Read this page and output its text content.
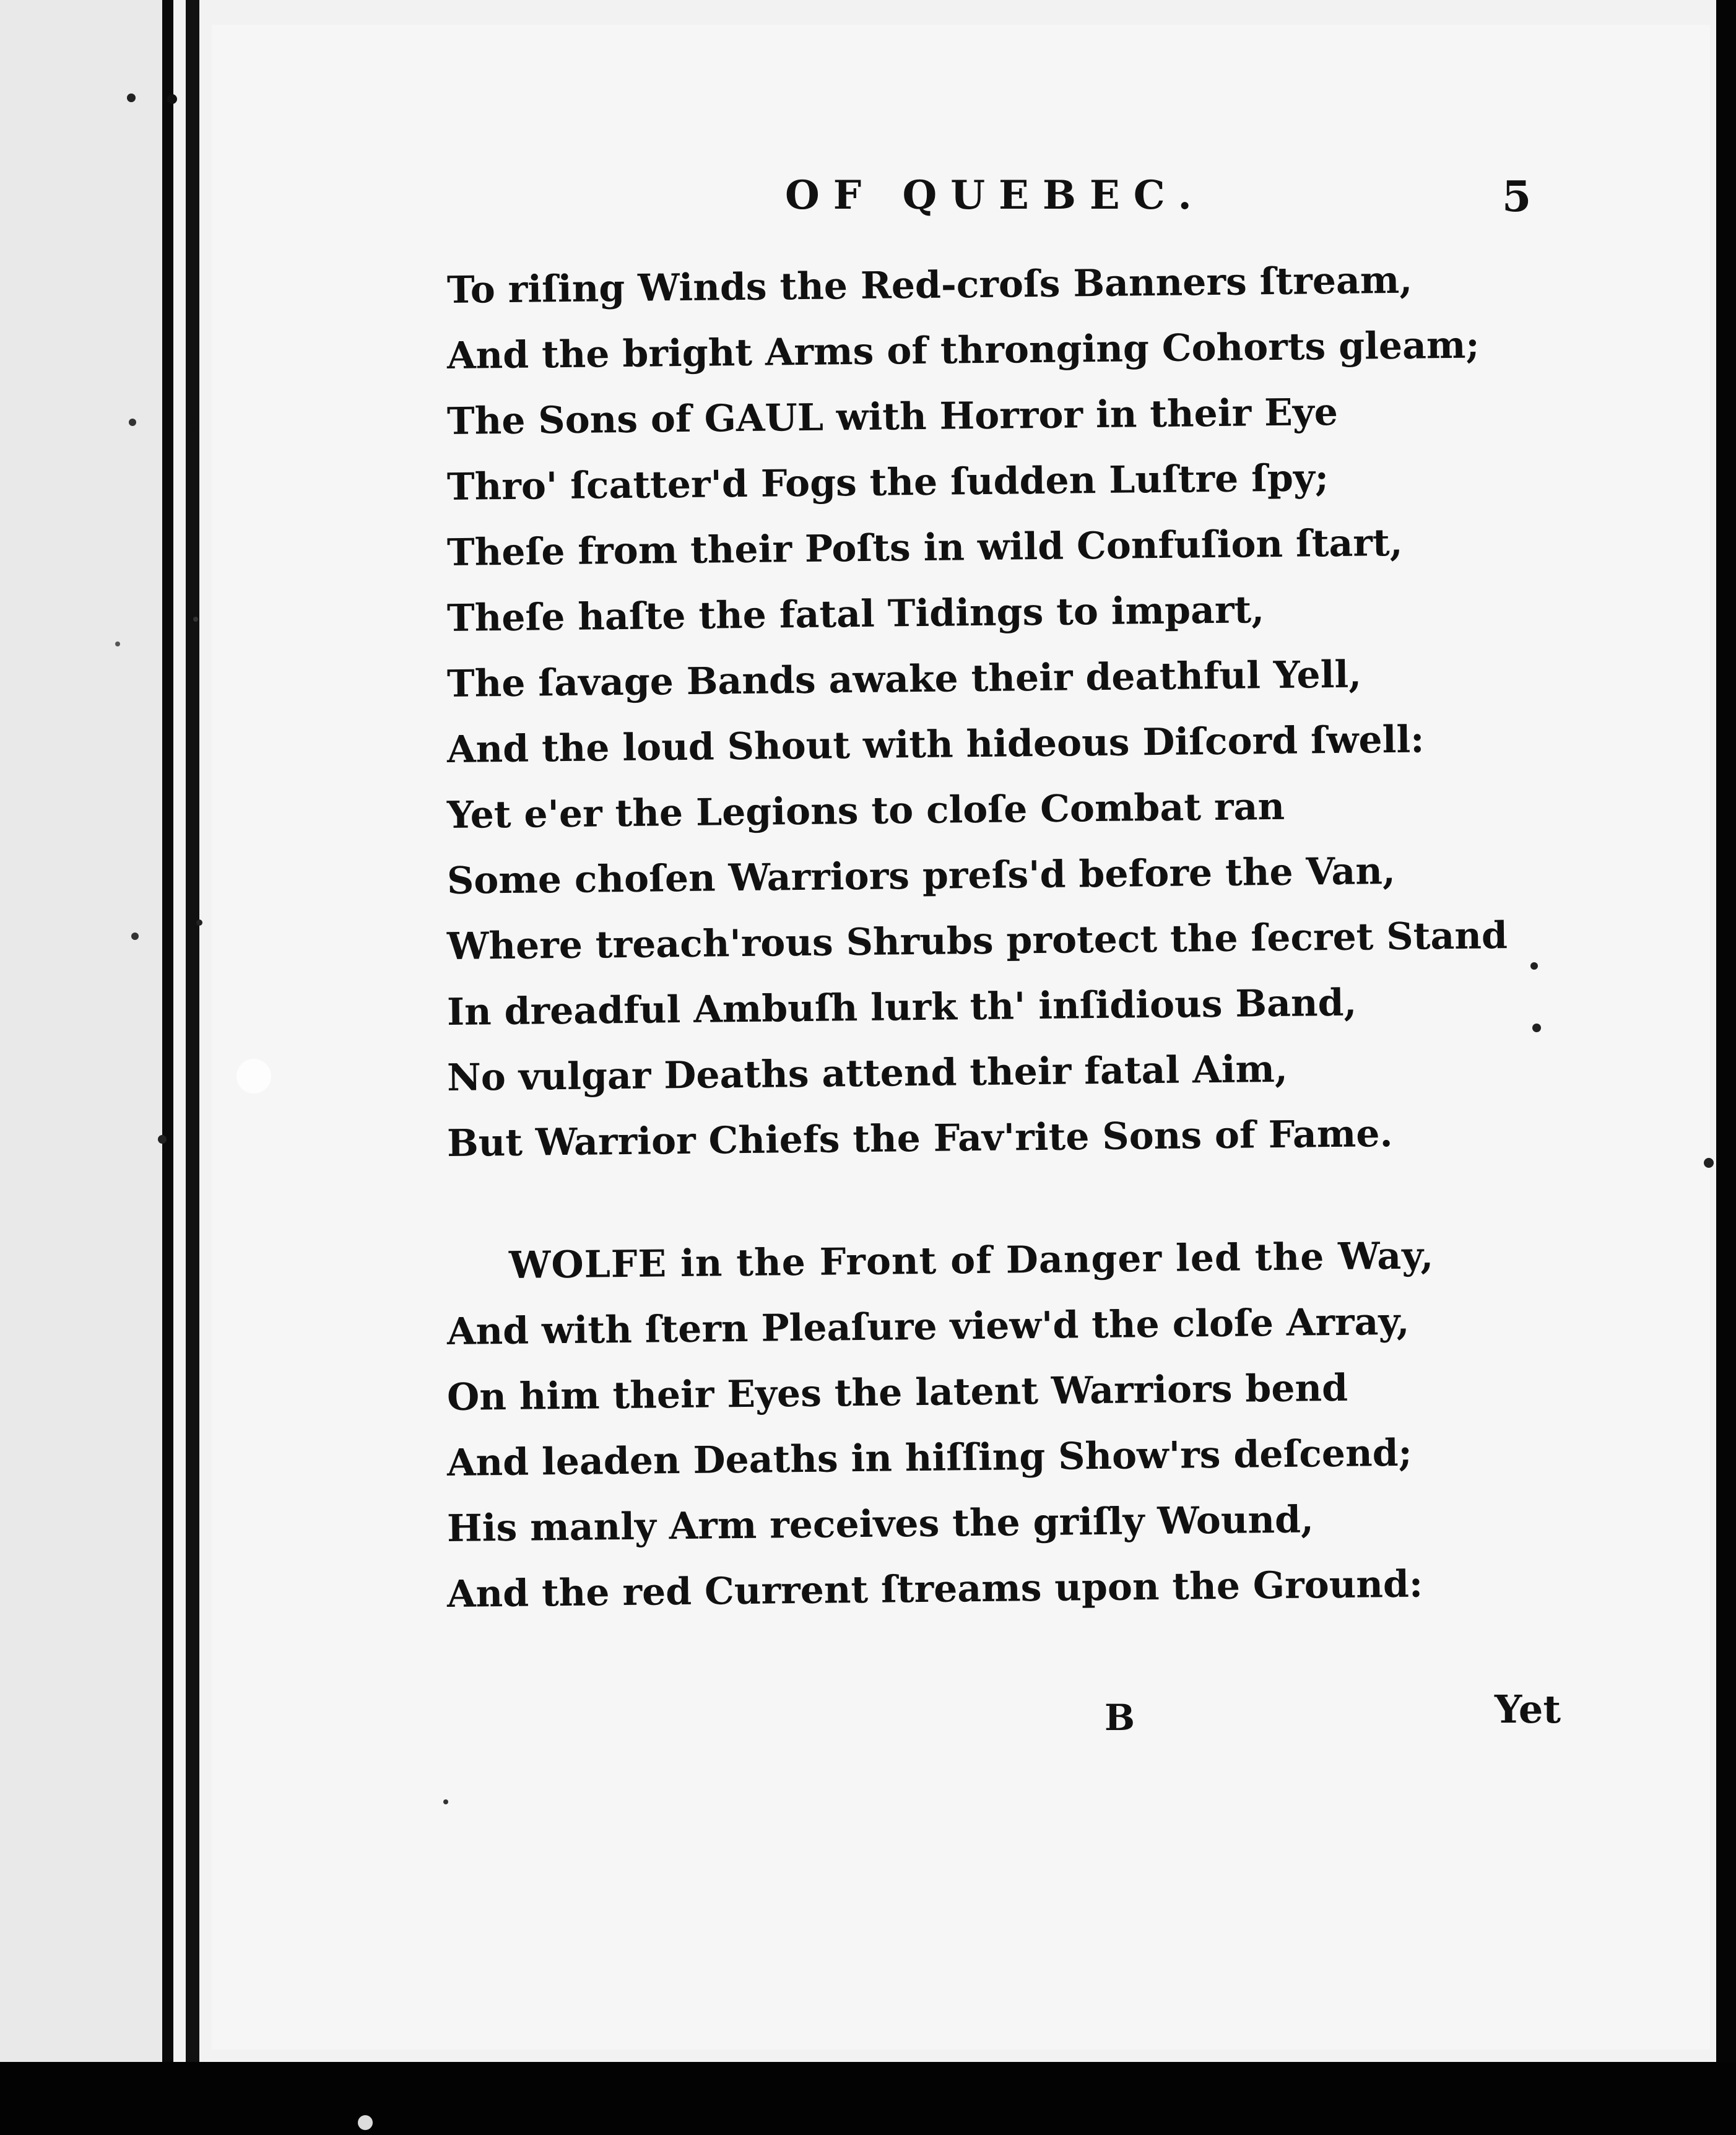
OF QUEBEC.	5
To riſing Winds the Red-croſs Banners ſtream,
And the bright Arms of thronging Cohorts gleam;
The Sons of GAUL with Horror in their Eye
Thro' ſcatter'd Fogs the ſudden Luſtre ſpy;
Theſe from their Poſts in wild Confuſion ſtart,
Theſe haſte the fatal Tidings to impart,
The ſavage Bands awake their deathful Yell,
And the loud Shout with hideous Diſcord ſwell:
Yet e'er the Legions to cloſe Combat ran
Some choſen Warriors preſs'd before the Van,
Where treach'rous Shrubs protect the ſecret Stand
In dreadful Ambuſh lurk th' inſidious Band,
No vulgar Deaths attend their fatal Aim,
But Warrior Chiefs the Fav'rite Sons of Fame.
WOLFE in the Front of Danger led the Way,
And with ſtern Pleaſure view'd the cloſe Array,
On him their Eyes the latent Warriors bend
And leaden Deaths in hiſſing Show'rs deſcend;
His manly Arm receives the griſly Wound,
And the red Current ſtreams upon the Ground:
B	Yet
